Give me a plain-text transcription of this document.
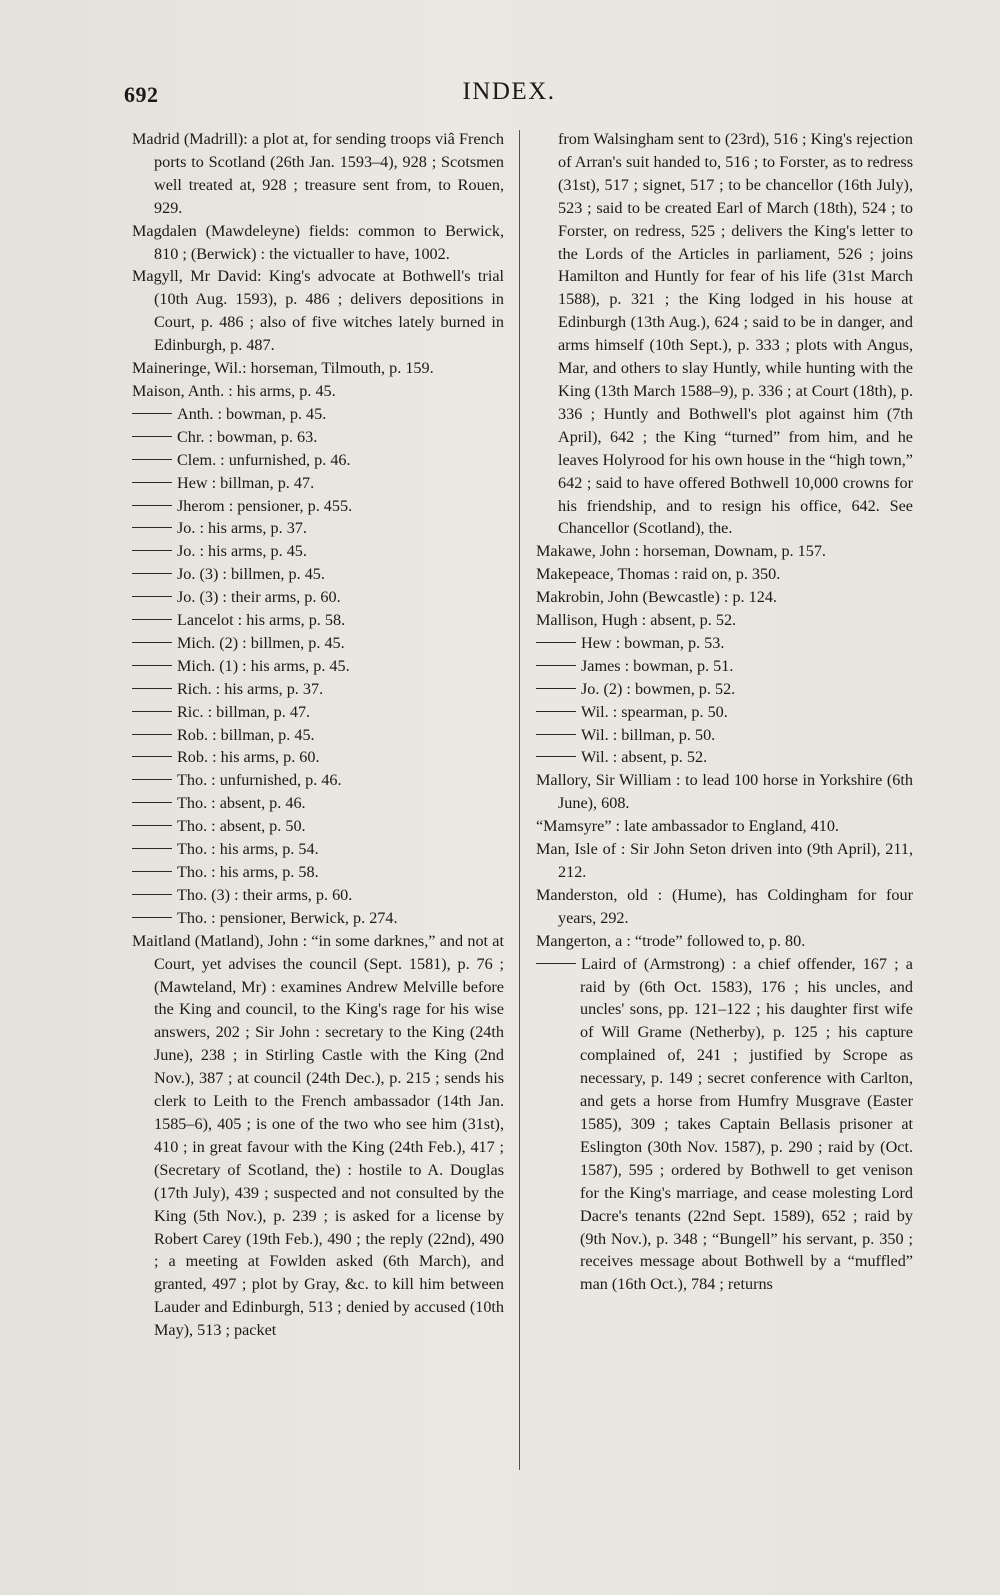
692	INDEX.

Madrid (Madrill): a plot at, for sending troops viâ French ports to Scotland (26th Jan. 1593–4), 928 ; Scotsmen well treated at, 928 ; treasure sent from, to Rouen, 929.

Magdalen (Mawdeleyne) fields: common to Berwick, 810 ; (Berwick) : the victualler to have, 1002.

Magyll, Mr David: King's advocate at Bothwell's trial (10th Aug. 1593), p. 486 ; delivers depositions in Court, p. 486 ; also of five witches lately burned in Edinburgh, p. 487.

Maineringe, Wil.: horseman, Tilmouth, p. 159.

Maison, Anth. : his arms, p. 45.

Anth. : bowman, p. 45.

Chr. : bowman, p. 63.

Clem. : unfurnished, p. 46.

Hew : billman, p. 47.

Jherom : pensioner, p. 455.

Jo. : his arms, p. 37.

Jo. : his arms, p. 45.

Jo. (3) : billmen, p. 45.

Jo. (3) : their arms, p. 60.

Lancelot : his arms, p. 58.

Mich. (2) : billmen, p. 45.

Mich. (1) : his arms, p. 45.

Rich. : his arms, p. 37.

Ric. : billman, p. 47.

Rob. : billman, p. 45.

Rob. : his arms, p. 60.

Tho. : unfurnished, p. 46.

Tho. : absent, p. 46.

Tho. : absent, p. 50.

Tho. : his arms, p. 54.

Tho. : his arms, p. 58.

Tho. (3) : their arms, p. 60.

Tho. : pensioner, Berwick, p. 274.

Maitland (Matland), John : “in some darknes,” and not at Court, yet advises the council (Sept. 1581), p. 76 ; (Mawteland, Mr) : examines Andrew Melville before the King and council, to the King's rage for his wise answers, 202 ; Sir John : secretary to the King (24th June), 238 ; in Stirling Castle with the King (2nd Nov.), 387 ; at council (24th Dec.), p. 215 ; sends his clerk to Leith to the French ambassador (14th Jan. 1585–6), 405 ; is one of the two who see him (31st), 410 ; in great favour with the King (24th Feb.), 417 ; (Secretary of Scotland, the) : hostile to A. Douglas (17th July), 439 ; suspected and not consulted by the King (5th Nov.), p. 239 ; is asked for a license by Robert Carey (19th Feb.), 490 ; the reply (22nd), 490 ; a meeting at Fowlden asked (6th March), and granted, 497 ; plot by Gray, &c. to kill him between Lauder and Edinburgh, 513 ; denied by accused (10th May), 513 ; packet

from Walsingham sent to (23rd), 516 ; King's rejection of Arran's suit handed to, 516 ; to Forster, as to redress (31st), 517 ; signet, 517 ; to be chancellor (16th July), 523 ; said to be created Earl of March (18th), 524 ; to Forster, on redress, 525 ; delivers the King's letter to the Lords of the Articles in parliament, 526 ; joins Hamilton and Huntly for fear of his life (31st March 1588), p. 321 ; the King lodged in his house at Edinburgh (13th Aug.), 624 ; said to be in danger, and arms himself (10th Sept.), p. 333 ; plots with Angus, Mar, and others to slay Huntly, while hunting with the King (13th March 1588–9), p. 336 ; at Court (18th), p. 336 ; Huntly and Bothwell's plot against him (7th April), 642 ; the King “turned” from him, and he leaves Holyrood for his own house in the “high town,” 642 ; said to have offered Bothwell 10,000 crowns for his friendship, and to resign his office, 642. See Chancellor (Scotland), the.

Makawe, John : horseman, Downam, p. 157.

Makepeace, Thomas : raid on, p. 350.

Makrobin, John (Bewcastle) : p. 124.

Mallison, Hugh : absent, p. 52.

Hew : bowman, p. 53.

James : bowman, p. 51.

Jo. (2) : bowmen, p. 52.

Wil. : spearman, p. 50.

Wil. : billman, p. 50.

Wil. : absent, p. 52.

Mallory, Sir William : to lead 100 horse in Yorkshire (6th June), 608.

“Mamsyre” : late ambassador to England, 410.

Man, Isle of : Sir John Seton driven into (9th April), 211, 212.

Manderston, old : (Hume), has Coldingham for four years, 292.

Mangerton, a : “trode” followed to, p. 80.

Laird of (Armstrong) : a chief offender, 167 ; a raid by (6th Oct. 1583), 176 ; his uncles, and uncles' sons, pp. 121–122 ; his daughter first wife of Will Grame (Netherby), p. 125 ; his capture complained of, 241 ; justified by Scrope as necessary, p. 149 ; secret conference with Carlton, and gets a horse from Humfry Musgrave (Easter 1585), 309 ; takes Captain Bellasis prisoner at Eslington (30th Nov. 1587), p. 290 ; raid by (Oct. 1587), 595 ; ordered by Bothwell to get venison for the King's marriage, and cease molesting Lord Dacre's tenants (22nd Sept. 1589), 652 ; raid by (9th Nov.), p. 348 ; “Bungell” his servant, p. 350 ; receives message about Bothwell by a “muffled” man (16th Oct.), 784 ; returns
